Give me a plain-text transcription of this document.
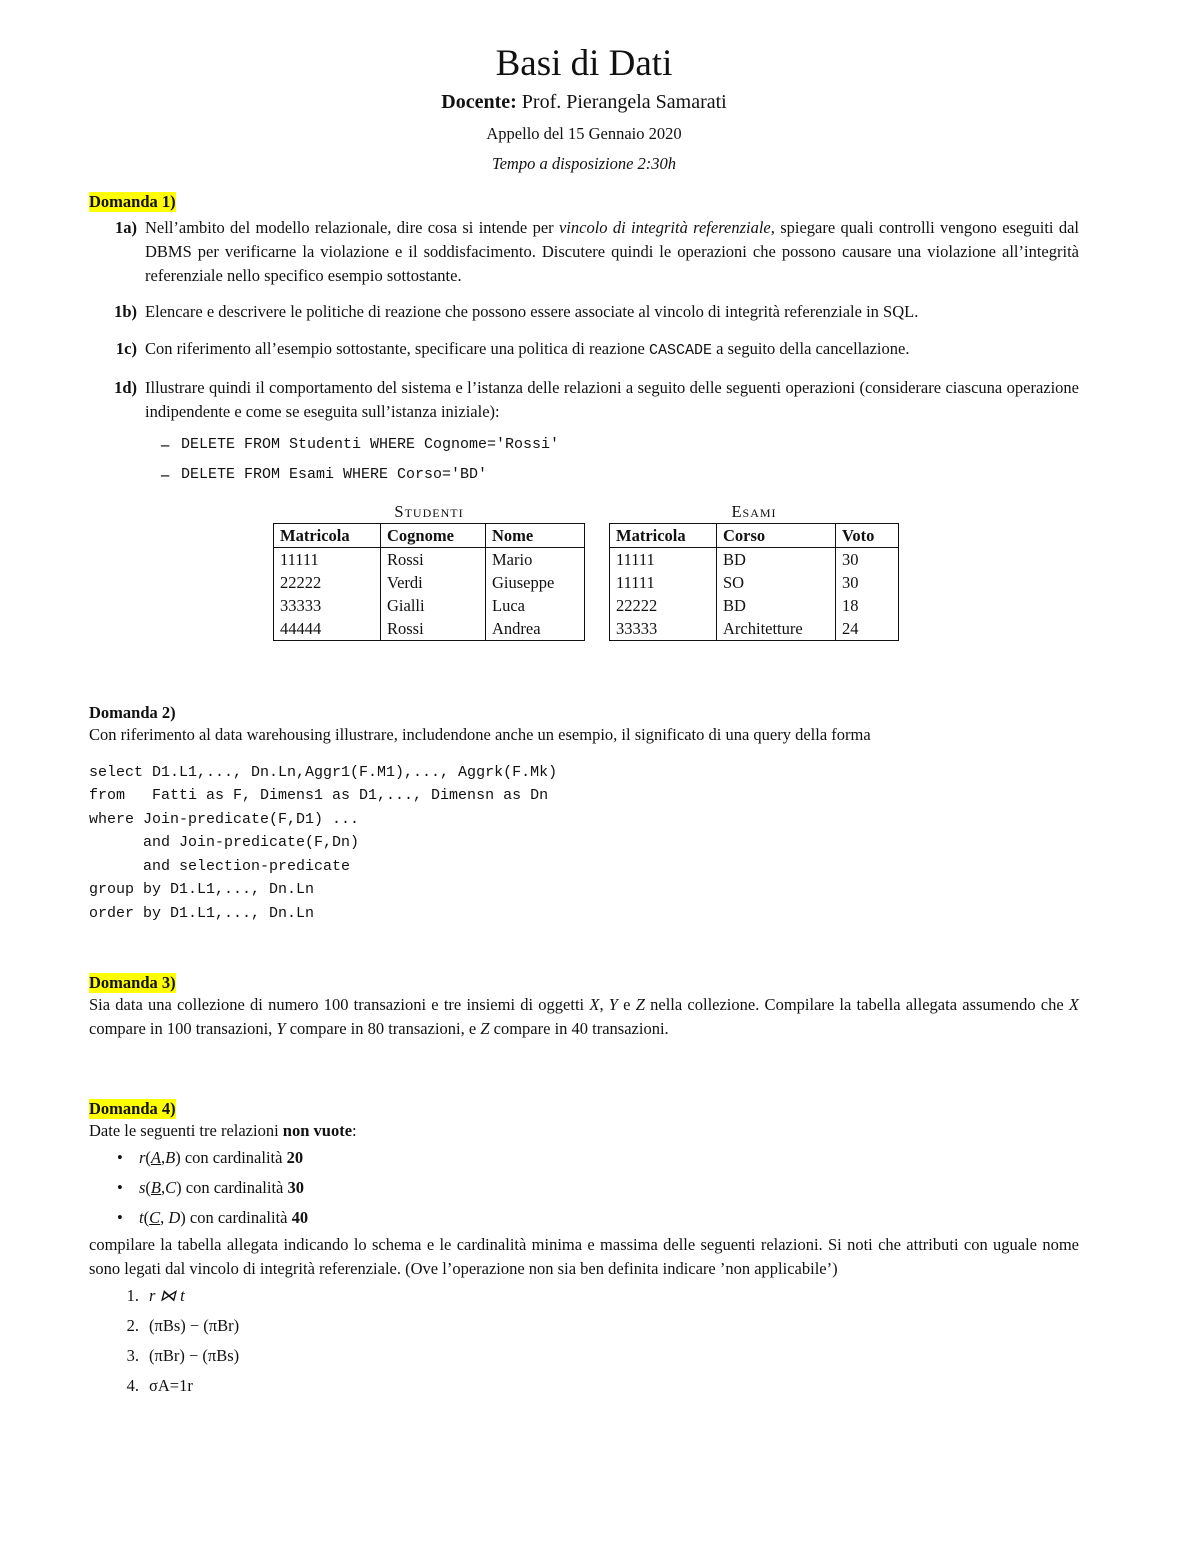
Basi di Dati
Docente: Prof. Pierangela Samarati
Appello del 15 Gennaio 2020
Tempo a disposizione 2:30h
Domanda 1)
1a) Nell’ambito del modello relazionale, dire cosa si intende per vincolo di integrità referenziale, spiegare quali controlli vengono eseguiti dal DBMS per verificarne la violazione e il soddisfacimento. Discutere quindi le operazioni che possono causare una violazione all’integrità referenziale nello specifico esempio sottostante.
1b) Elencare e descrivere le politiche di reazione che possono essere associate al vincolo di integrità referenziale in SQL.
1c) Con riferimento all’esempio sottostante, specificare una politica di reazione CASCADE a seguito della cancellazione.
1d) Illustrare quindi il comportamento del sistema e l’istanza delle relazioni a seguito delle seguenti operazioni (considerare ciascuna operazione indipendente e come se eseguita sull’istanza iniziale):
– DELETE FROM Studenti WHERE Cognome='Rossi'
– DELETE FROM Esami WHERE Corso='BD'
Studenti
Matricola	Cognome	Nome
11111	Rossi	Mario
22222	Verdi	Giuseppe
33333	Gialli	Luca
44444	Rossi	Andrea
Esami
Matricola	Corso	Voto
11111	BD	30
11111	SO	30
22222	BD	18
33333	Architetture	24
Domanda 2)
Con riferimento al data warehousing illustrare, includendone anche un esempio, il significato di una query della forma
select D1.L1,..., Dn.Ln,Aggr1(F.M1),..., Aggrk(F.Mk)
from   Fatti as F, Dimens1 as D1,..., Dimensn as Dn
where Join-predicate(F,D1) ...
and Join-predicate(F,Dn)
and selection-predicate
group by D1.L1,..., Dn.Ln
order by D1.L1,..., Dn.Ln
Domanda 3)
Sia data una collezione di numero 100 transazioni e tre insiemi di oggetti X, Y e Z nella collezione. Compilare la tabella allegata assumendo che X compare in 100 transazioni, Y compare in 80 transazioni, e Z compare in 40 transazioni.
Domanda 4)
Date le seguenti tre relazioni non vuote:
• r(A,B) con cardinalità 20
• s(B,C) con cardinalità 30
• t(C, D) con cardinalità 40
compilare la tabella allegata indicando lo schema e le cardinalità minima e massima delle seguenti relazioni. Si noti che attributi con uguale nome sono legati dal vincolo di integrità referenziale. (Ove l’operazione non sia ben definita indicare ’non applicabile’)
1. r ⋈ t
2. (πBs) − (πBr)
3. (πBr) − (πBs)
4. σA=1r
